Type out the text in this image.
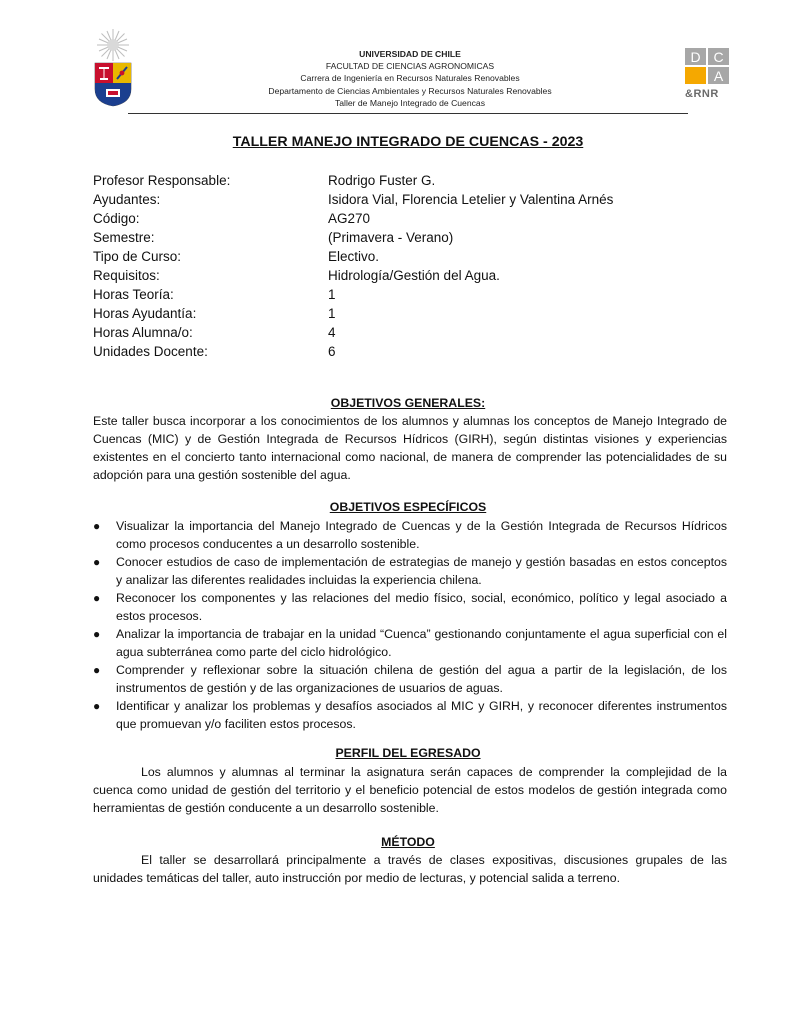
UNIVERSIDAD DE CHILE
FACULTAD DE CIENCIAS AGRONOMICAS
Carrera de Ingeniería en Recursos Naturales Renovables
Departamento de Ciencias Ambientales y Recursos Naturales Renovables
Taller de Manejo Integrado de Cuencas
D C
A
&RNR
TALLER MANEJO INTEGRADO DE CUENCAS - 2023
Profesor Responsable:	Rodrigo Fuster G.
Ayudantes:	Isidora Vial, Florencia Letelier y Valentina Arnés
Código:	AG270
Semestre:	(Primavera - Verano)
Tipo de Curso:	Electivo.
Requisitos:	Hidrología/Gestión del Agua.
Horas Teoría:	1
Horas Ayudantía:	1
Horas Alumna/o:	4
Unidades Docente:	6
OBJETIVOS GENERALES:
Este taller busca incorporar a los conocimientos de los alumnos y alumnas los conceptos de Manejo Integrado de Cuencas (MIC) y de Gestión Integrada de Recursos Hídricos (GIRH), según distintas visiones y experiencias existentes en el concierto tanto internacional como nacional, de manera de comprender las potencialidades de su adopción para una gestión sostenible del agua.
OBJETIVOS ESPECÍFICOS
● Visualizar la importancia del Manejo Integrado de Cuencas y de la Gestión Integrada de Recursos Hídricos como procesos conducentes a un desarrollo sostenible.
● Conocer estudios de caso de implementación de estrategias de manejo y gestión basadas en estos conceptos y analizar las diferentes realidades incluidas la experiencia chilena.
● Reconocer los componentes y las relaciones del medio físico, social, económico, político y legal asociado a estos procesos.
● Analizar la importancia de trabajar en la unidad “Cuenca” gestionando conjuntamente el agua superficial con el agua subterránea como parte del ciclo hidrológico.
● Comprender y reflexionar sobre la situación chilena de gestión del agua a partir de la legislación, de los instrumentos de gestión y de las organizaciones de usuarios de aguas.
● Identificar y analizar los problemas y desafíos asociados al MIC y GIRH, y reconocer diferentes instrumentos que promuevan y/o faciliten estos procesos.
PERFIL DEL EGRESADO
Los alumnos y alumnas al terminar la asignatura serán capaces de comprender la complejidad de la cuenca como unidad de gestión del territorio y el beneficio potencial de estos modelos de gestión integrada como herramientas de gestión conducente a un desarrollo sostenible.
MÉTODO
El taller se desarrollará principalmente a través de clases expositivas, discusiones grupales de las unidades temáticas del taller, auto instrucción por medio de lecturas, y potencial salida a terreno.
